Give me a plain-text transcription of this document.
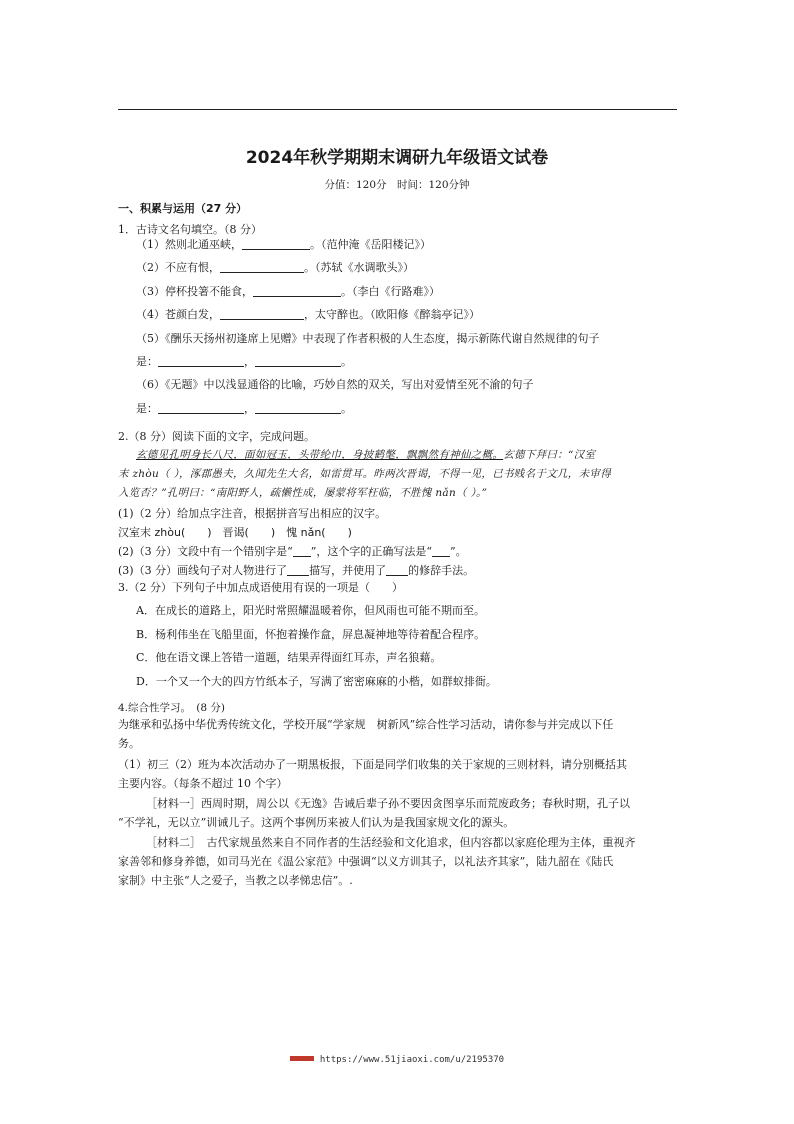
2024年秋学期期末调研九年级语文试卷
分值：120分　时间：120分钟
一、积累与运用（27 分）
1．古诗文名句填空。（8 分）
（1）然则北通巫峡，	。（范仲淹《岳阳楼记》）
（2）不应有恨，	。（苏轼《水调歌头》）
（3）停杯投箸不能食，	。（李白《行路难》）
（4）苍颜白发，	，太守醉也。（欧阳修《醉翁亭记》）
（5）《酬乐天扬州初逢席上见赠》中表现了作者积极的人生态度，揭示新陈代谢自然规律的句子
是：	，	。
（6）《无题》中以浅显通俗的比喻，巧妙自然的双关，写出对爱情至死不渝的句子
是：	，	。
2.（8 分）阅读下面的文字，完成问题。
玄德见孔明身长八尺，面如冠玉，头带纶巾，身披鹤氅，飘飘然有神仙之概。玄德下拜曰：“汉室
末 zhòu（ ），涿郡愚夫，久闻先生大名，如雷贯耳。昨两次晋谒，不得一见，已书贱名于文几，未审得
入览否？”孔明曰：“南阳野人，疏懒性成，屡蒙将军枉临，不胜愧 nǎn（ ）。”
(1)（2 分）给加点字注音，根据拼音写出相应的汉字。
汉室末 zhòu(　　)　晋谒(　　)　愧 nǎn(　　)
(2)（3 分）文段中有一个错别字是“ ”，这个字的正确写法是“ ”。
(3)（3 分）画线句子对人物进行了 描写，并使用了 的修辞手法。
3.（2 分）下列句子中加点成语使用有误的一项是（　　）
A．在成长的道路上，阳光时常照耀温暖着你，但风雨也可能不期而至。
B．杨利伟坐在飞船里面，怀抱着操作盒，屏息凝神地等待着配合程序。
C．他在语文课上答错一道题，结果弄得面红耳赤，声名狼藉。
D．一个又一个大的四方竹纸本子，写满了密密麻麻的小楷，如群蚁排衙。
4.综合性学习。　(8 分)
为继承和弘扬中华优秀传统文化，学校开展“学家规　树新风”综合性学习活动，请你参与并完成以下任
务。
（1）初三（2）班为本次活动办了一期黑板报，下面是同学们收集的关于家规的三则材料，请分别概括其
主要内容。（每条不超过 10 个字）
［材料一］西周时期，周公以《无逸》告诫后辈子孙不要因贪图享乐而荒废政务；春秋时期，孔子以
“不学礼，无以立”训诫儿子。这两个事例历来被人们认为是我国家规文化的源头。
［材料二］　古代家规虽然来自不同作者的生活经验和文化追求，但内容都以家庭伦理为主体，重视齐
家善邻和修身养德，如司马光在《温公家范》中强调“以义方训其子，以礼法齐其家”，陆九韶在《陆氏
家制》中主张“人之爱子，当教之以孝悌忠信”。.
www https://www.51jiaoxi.com/u/2195370
